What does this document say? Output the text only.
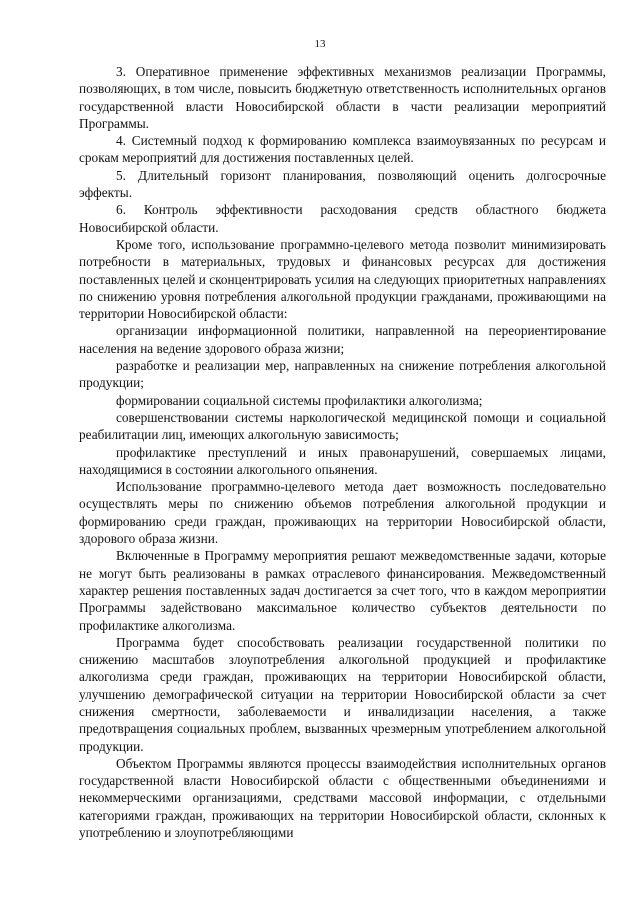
13

3. Оперативное применение эффективных механизмов реализации Программы, позволяющих, в том числе, повысить бюджетную ответственность исполнительных органов государственной власти Новосибирской области в части реализации мероприятий Программы.

4. Системный подход к формированию комплекса взаимоувязанных по ресурсам и срокам мероприятий для достижения поставленных целей.

5. Длительный горизонт планирования, позволяющий оценить долгосрочные эффекты.

6. Контроль эффективности расходования средств областного бюджета Новосибирской области.

Кроме того, использование программно-целевого метода позволит минимизировать потребности в материальных, трудовых и финансовых ресурсах для достижения поставленных целей и сконцентрировать усилия на следующих приоритетных направлениях по снижению уровня потребления алкогольной продукции гражданами, проживающими на территории Новосибирской области:

организации информационной политики, направленной на переориентирование населения на ведение здорового образа жизни;

разработке и реализации мер, направленных на снижение потребления алкогольной продукции;

формировании социальной системы профилактики алкоголизма;

совершенствовании системы наркологической медицинской помощи и социальной реабилитации лиц, имеющих алкогольную зависимость;

профилактике преступлений и иных правонарушений, совершаемых лицами, находящимися в состоянии алкогольного опьянения.

Использование программно-целевого метода дает возможность последовательно осуществлять меры по снижению объемов потребления алкогольной продукции и формированию среди граждан, проживающих на территории Новосибирской области, здорового образа жизни.

Включенные в Программу мероприятия решают межведомственные задачи, которые не могут быть реализованы в рамках отраслевого финансирования. Межведомственный характер решения поставленных задач достигается за счет того, что в каждом мероприятии Программы задействовано максимальное количество субъектов деятельности по профилактике алкоголизма.

Программа будет способствовать реализации государственной политики по снижению масштабов злоупотребления алкогольной продукцией и профилактике алкоголизма среди граждан, проживающих на территории Новосибирской области, улучшению демографической ситуации на территории Новосибирской области за счет снижения смертности, заболеваемости и инвалидизации населения, а также предотвращения социальных проблем, вызванных чрезмерным употреблением алкогольной продукции.

Объектом Программы являются процессы взаимодействия исполнительных органов государственной власти Новосибирской области с общественными объединениями и некоммерческими организациями, средствами массовой информации, с отдельными категориями граждан, проживающих на территории Новосибирской области, склонных к употреблению и злоупотребляющими
